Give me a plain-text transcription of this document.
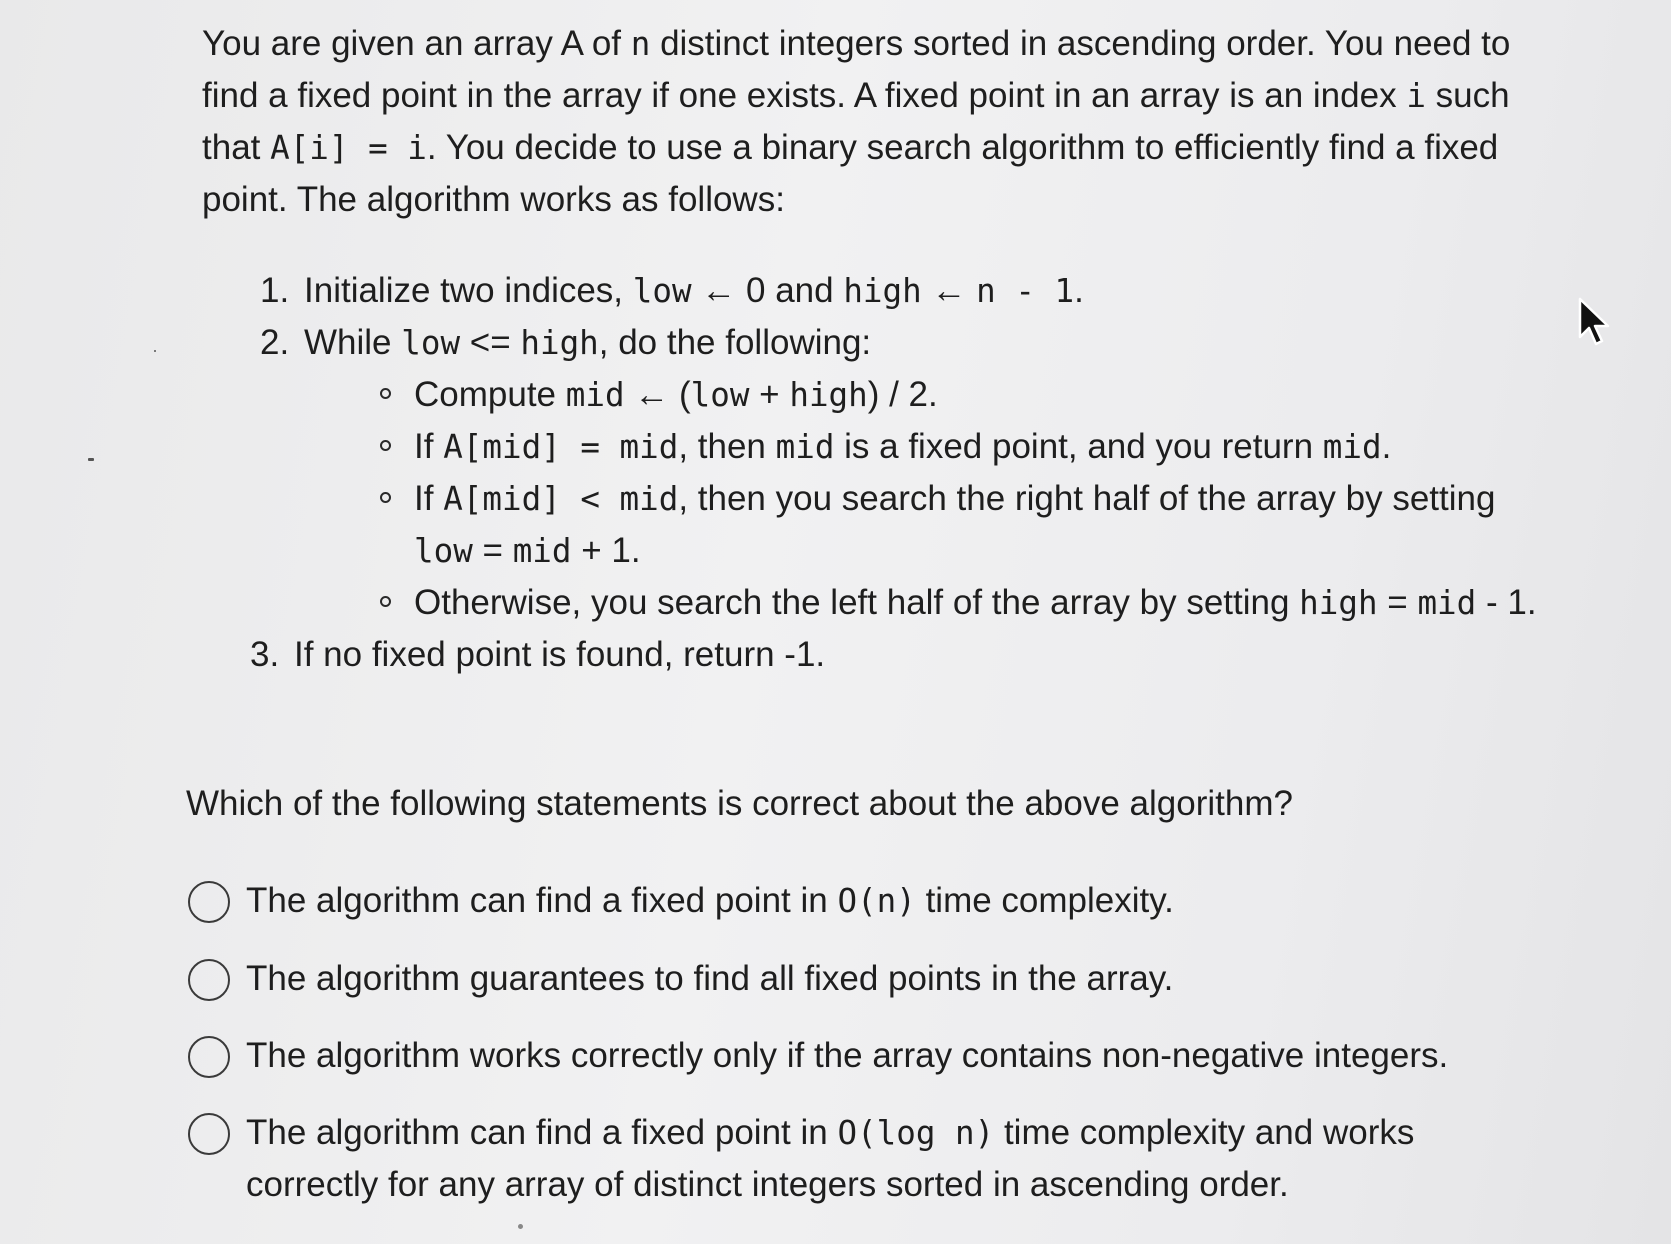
You are given an array A of n distinct integers sorted in ascending order. You need to find a fixed point in the array if one exists. A fixed point in an array is an index i such that A[i] = i. You decide to use a binary search algorithm to efficiently find a fixed point. The algorithm works as follows:

1. Initialize two indices, low ← 0 and high ← n - 1.
2. While low <= high, do the following:
Compute mid ← (low + high) / 2.
If A[mid] = mid, then mid is a fixed point, and you return mid.
If A[mid] < mid, then you search the right half of the array by setting low = mid + 1.
Otherwise, you search the left half of the array by setting high = mid - 1.
3. If no fixed point is found, return -1.

Which of the following statements is correct about the above algorithm?

The algorithm can find a fixed point in O(n) time complexity.
The algorithm guarantees to find all fixed points in the array.
The algorithm works correctly only if the array contains non-negative integers.
The algorithm can find a fixed point in O(log n) time complexity and works correctly for any array of distinct integers sorted in ascending order.
